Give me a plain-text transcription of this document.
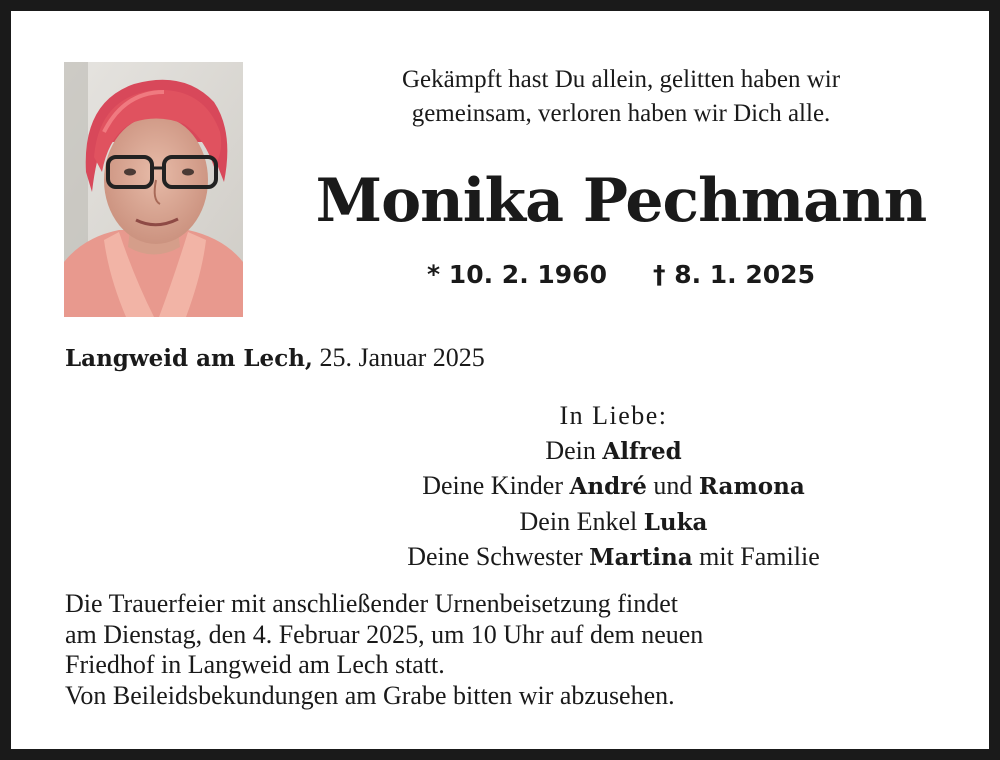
Gekämpft hast Du allein, gelitten haben wir
gemeinsam, verloren haben wir Dich alle.
Monika Pechmann
* 10. 2. 1960 † 8. 1. 2025
Langweid am Lech, 25. Januar 2025
In Liebe:
Dein Alfred
Deine Kinder André und Ramona
Dein Enkel Luka
Deine Schwester Martina mit Familie
Die Trauerfeier mit anschließender Urnenbeisetzung findet
am Dienstag, den 4. Februar 2025, um 10 Uhr auf dem neuen
Friedhof in Langweid am Lech statt.
Von Beileidsbekundungen am Grabe bitten wir abzusehen.
